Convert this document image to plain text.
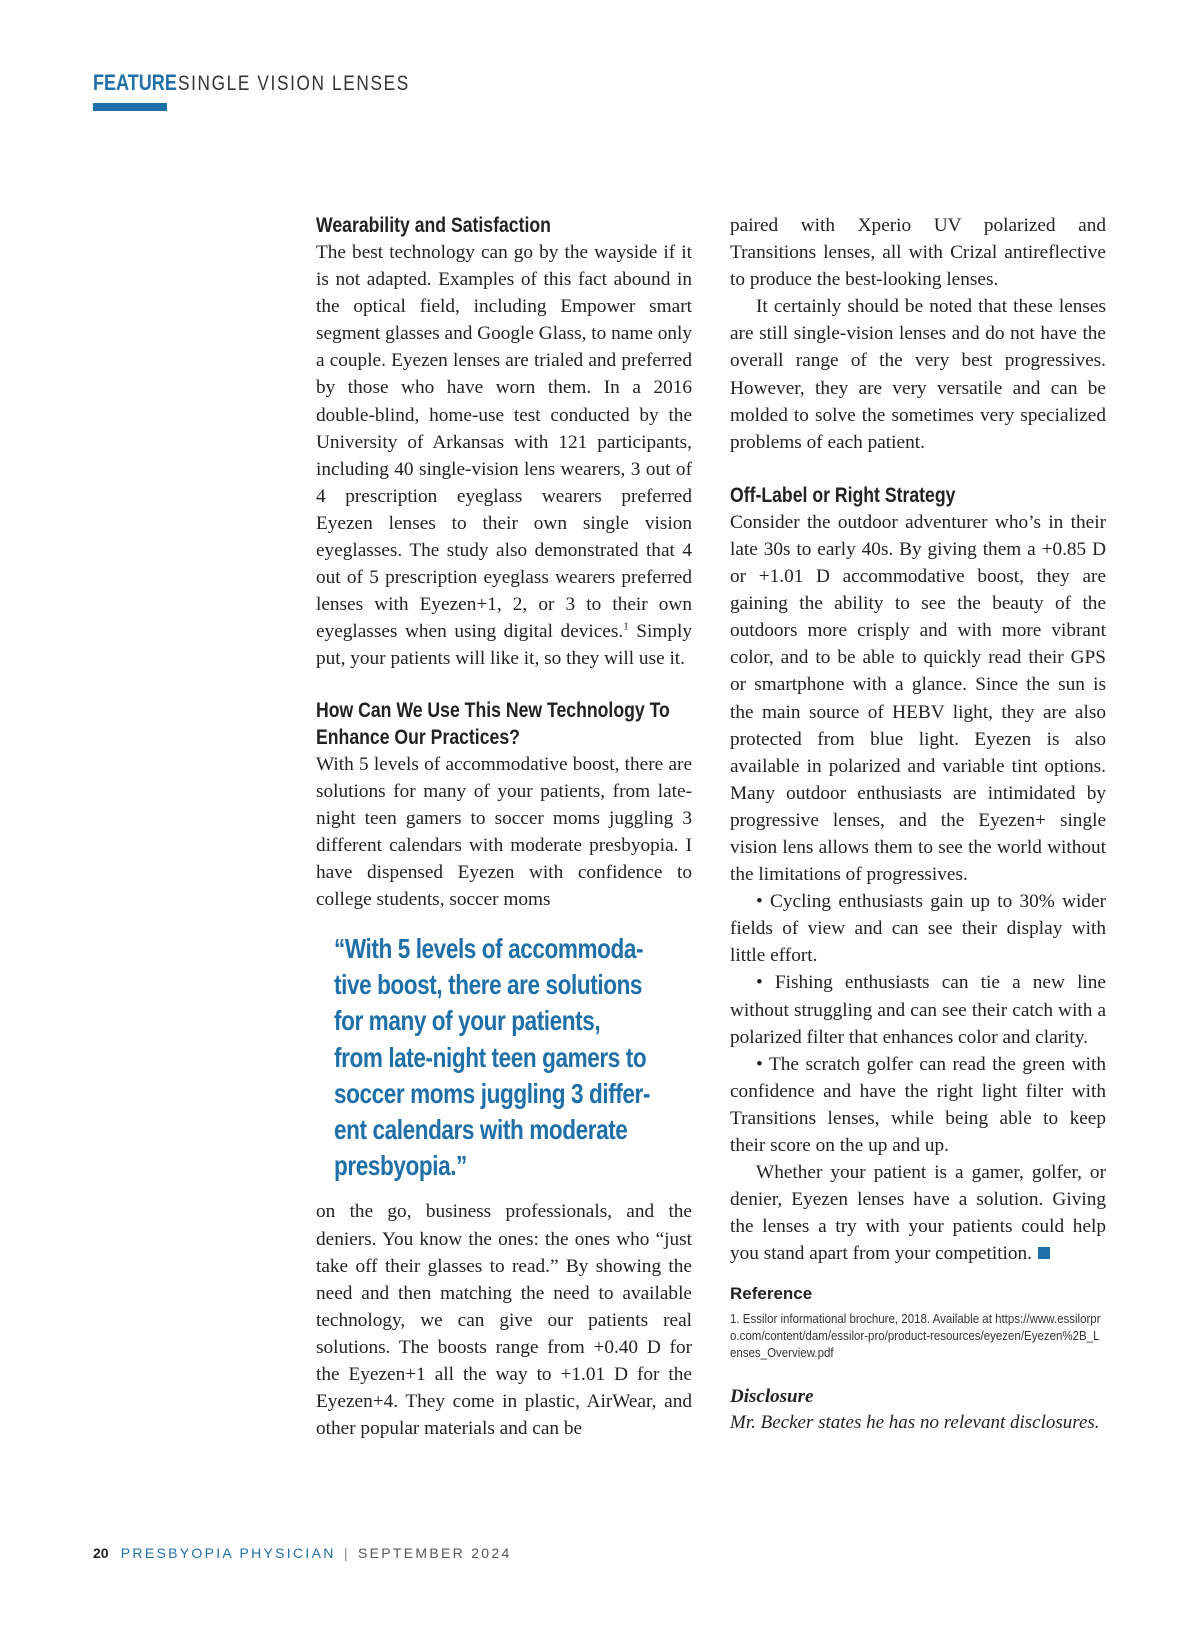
FEATURE SINGLE VISION LENSES
Wearability and Satisfaction

The best technology can go by the wayside if it is not adapted. Examples of this fact abound in the optical field, including Empower smart segment glasses and Google Glass, to name only a couple. Eyezen lenses are trialed and preferred by those who have worn them. In a 2016 double-blind, home-use test conducted by the University of Arkansas with 121 participants, including 40 single-vision lens wearers, 3 out of 4 prescription eyeglass wearers preferred Eyezen lenses to their own single vision eyeglasses. The study also demonstrated that 4 out of 5 prescription eyeglass wearers preferred lenses with Eyezen+1, 2, or 3 to their own eyeglasses when using digital devices.$^1$ Simply put, your patients will like it, so they will use it.

How Can We Use This New Technology To Enhance Our Practices?

With 5 levels of accommodative boost, there are solutions for many of your patients, from late-night teen gamers to soccer moms juggling 3 different calendars with moderate presbyopia. I have dispensed Eyezen with confidence to college students, soccer moms

“With 5 levels of accommoda-
tive boost, there are solutions
for many of your patients,
from late-night teen gamers to
soccer moms juggling 3 differ-
ent calendars with moderate
presbyopia.”

on the go, business professionals, and the deniers. You know the ones: the ones who “just take off their glasses to read.” By showing the need and then matching the need to available technology, we can give our patients real solutions. The boosts range from +0.40 D for the Eyezen+1 all the way to +1.01 D for the Eyezen+4. They come in plastic, AirWear, and other popular materials and can be

paired with Xperio UV polarized and Transitions lenses, all with Crizal antireflective to produce the best-looking lenses.

It certainly should be noted that these lenses are still single-vision lenses and do not have the overall range of the very best progressives. However, they are very versatile and can be molded to solve the sometimes very specialized problems of each patient.

Off-Label or Right Strategy

Consider the outdoor adventurer who’s in their late 30s to early 40s. By giving them a +0.85 D or +1.01 D accommodative boost, they are gaining the ability to see the beauty of the outdoors more crisply and with more vibrant color, and to be able to quickly read their GPS or smartphone with a glance. Since the sun is the main source of HEBV light, they are also protected from blue light. Eyezen is also available in polarized and variable tint options. Many outdoor enthusiasts are intimidated by progressive lenses, and the Eyezen+ single vision lens allows them to see the world without the limitations of progressives.

• Cycling enthusiasts gain up to 30% wider fields of view and can see their display with little effort.

• Fishing enthusiasts can tie a new line without struggling and can see their catch with a polarized filter that enhances color and clarity.

• The scratch golfer can read the green with confidence and have the right light filter with Transitions lenses, while being able to keep their score on the up and up.

Whether your patient is a gamer, golfer, or denier, Eyezen lenses have a solution. Giving the lenses a try with your patients could help you stand apart from your competition.

Reference
1. Essilor informational brochure, 2018. Available at https://www.essilorpro.com/content/dam/essilor-pro/product-resources/eyezen/Eyezen%2B_Lenses_Overview.pdf
Disclosure
Mr. Becker states he has no relevant disclosures.
20 PRESBYOPIA PHYSICIAN | SEPTEMBER 2024
